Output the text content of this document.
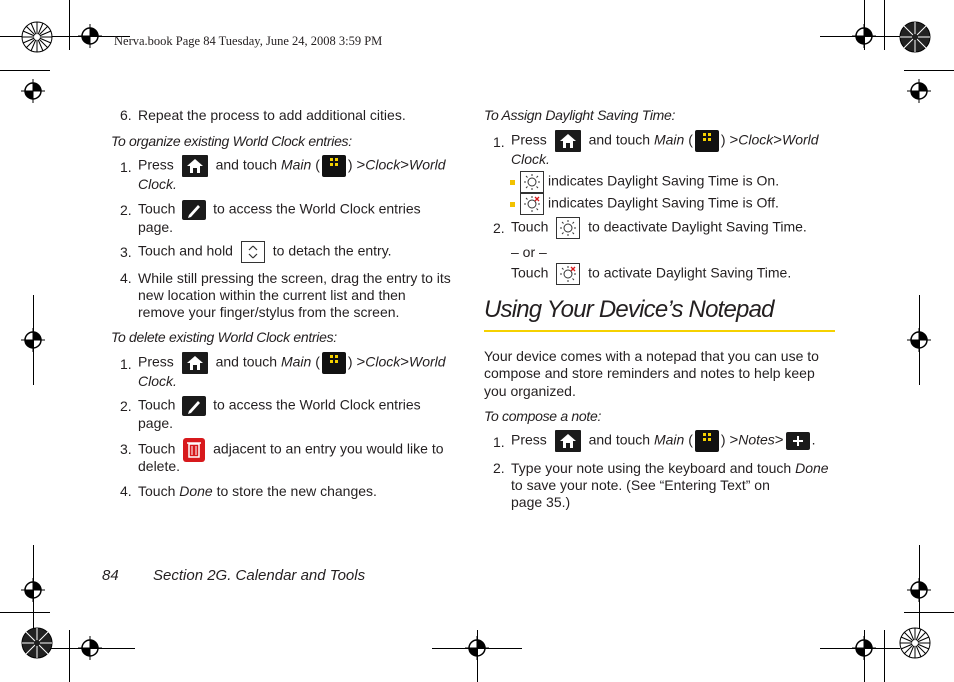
Nerva.book Page 84 Tuesday, June 24, 2008 3:59 PM
6. Repeat the process to add additional cities.
To organize existing World Clock entries:
1. Press	and touch Main ( ) >Clock>World
Clock.
2. Touch	to access the World Clock entries
page.
3. Touch and hold	to detach the entry.
4. While still pressing the screen, drag the entry to its
new location within the current list and then
remove your finger/stylus from the screen.
To delete existing World Clock entries:
1. Press	and touch Main ( ) >Clock>World
Clock.
2. Touch	to access the World Clock entries
page.
3. Touch	adjacent to an entry you would like to
delete.
4. Touch Done to store the new changes.
To Assign Daylight Saving Time:
1. Press	and touch Main ( ) >Clock>World
Clock.
indicates Daylight Saving Time is On.
indicates Daylight Saving Time is Off.
2. Touch	to deactivate Daylight Saving Time.
– or –
Touch	to activate Daylight Saving Time.
Using Your Device’s Notepad
Your device comes with a notepad that you can use to
compose and store reminders and notes to help keep
you organized.
To compose a note:
1. Press	and touch Main ( ) >Notes> .
2. Type your note using the keyboard and touch Done
to save your note. (See “Entering Text” on
page 35.)
84 Section 2G. Calendar and Tools
